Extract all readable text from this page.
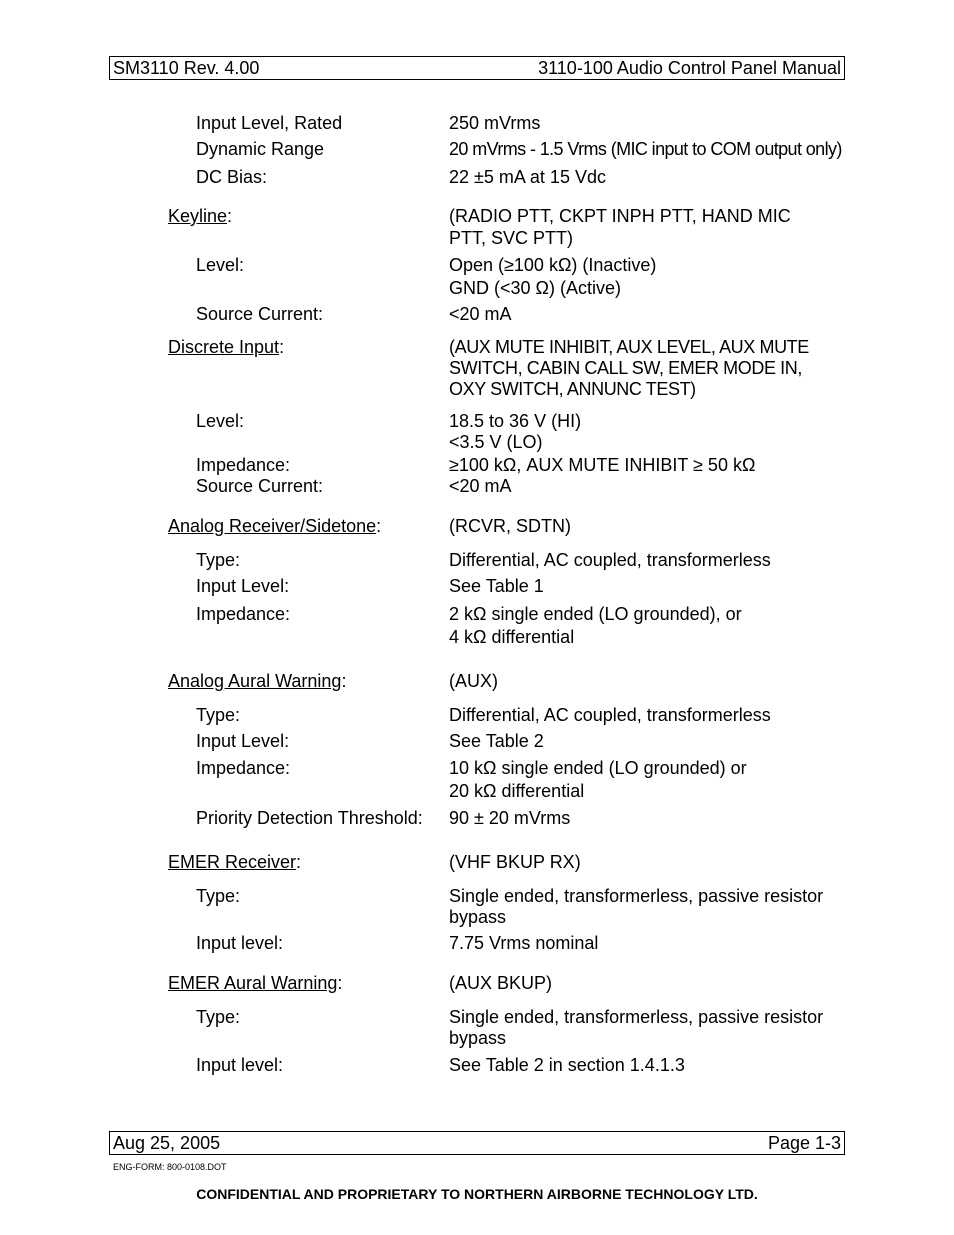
SM3110 Rev. 4.00	3110-100 Audio Control Panel Manual
Input Level, Rated	250 mVrms
Dynamic Range	20 mVrms - 1.5 Vrms (MIC input to COM output only)
DC Bias:	22 ±5 mA at 15 Vdc
Keyline:	(RADIO PTT, CKPT INPH PTT, HAND MIC
PTT, SVC PTT)
Level:	Open (≥100 kΩ) (Inactive)
GND (<30 Ω) (Active)
Source Current:	<20 mA
Discrete Input:	(AUX MUTE INHIBIT, AUX LEVEL, AUX MUTE
SWITCH, CABIN CALL SW, EMER MODE IN,
OXY SWITCH, ANNUNC TEST)
Level:	18.5 to 36 V (HI)
<3.5 V (LO)
Impedance:	≥100 kΩ, AUX MUTE INHIBIT ≥ 50 kΩ
Source Current:	<20 mA
Analog Receiver/Sidetone:	(RCVR, SDTN)
Type:	Differential, AC coupled, transformerless
Input Level:	See Table 1
Impedance:	2 kΩ single ended (LO grounded), or
4 kΩ differential
Analog Aural Warning:	(AUX)
Type:	Differential, AC coupled, transformerless
Input Level:	See Table 2
Impedance:	10 kΩ single ended (LO grounded) or
20 kΩ differential
Priority Detection Threshold: 90 ± 20 mVrms
EMER Receiver:	(VHF BKUP RX)
Type:	Single ended, transformerless, passive resistor
bypass
Input level:	7.75 Vrms nominal
EMER Aural Warning:	(AUX BKUP)
Type:	Single ended, transformerless, passive resistor
bypass
Input level:	See Table 2 in section 1.4.1.3
Aug 25, 2005	Page 1-3
ENG-FORM: 800-0108.DOT
CONFIDENTIAL AND PROPRIETARY TO NORTHERN AIRBORNE TECHNOLOGY LTD.
